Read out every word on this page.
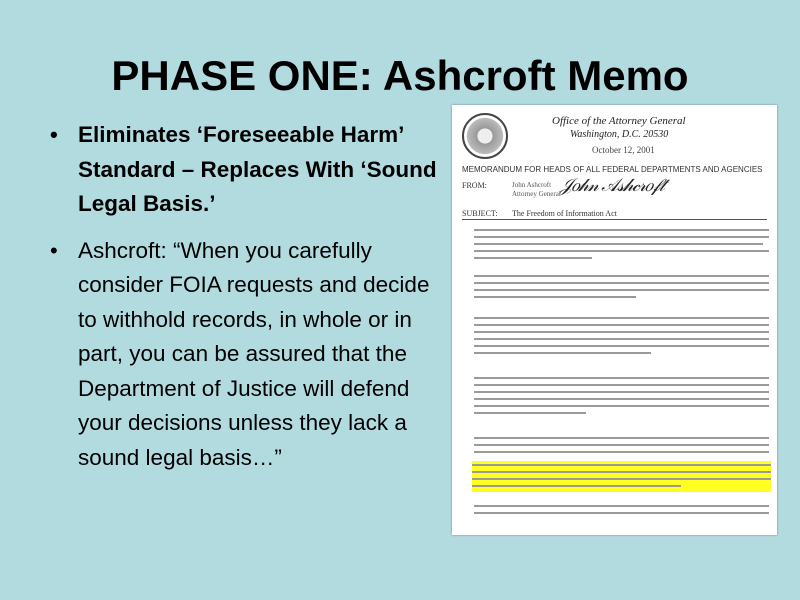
PHASE ONE: Ashcroft Memo
• Eliminates ‘Foreseeable Harm’ Standard – Replaces With ‘Sound Legal Basis.’
• Ashcroft: “When you carefully consider FOIA requests and decide to withhold records, in whole or in part, you can be assured that the Department of Justice will defend your decisions unless they lack a sound legal basis…”
Office of the Attorney General
Washington, D.C. 20530
October 12, 2001
MEMORANDUM FOR HEADS OF ALL FEDERAL DEPARTMENTS AND AGENCIES
FROM:	John Ashcroft
Attorney General 𝒥𝑜𝒽𝓃 𝒜𝓈𝒽𝒸𝓇𝑜𝒻𝓉
SUBJECT: The Freedom of Information Act
